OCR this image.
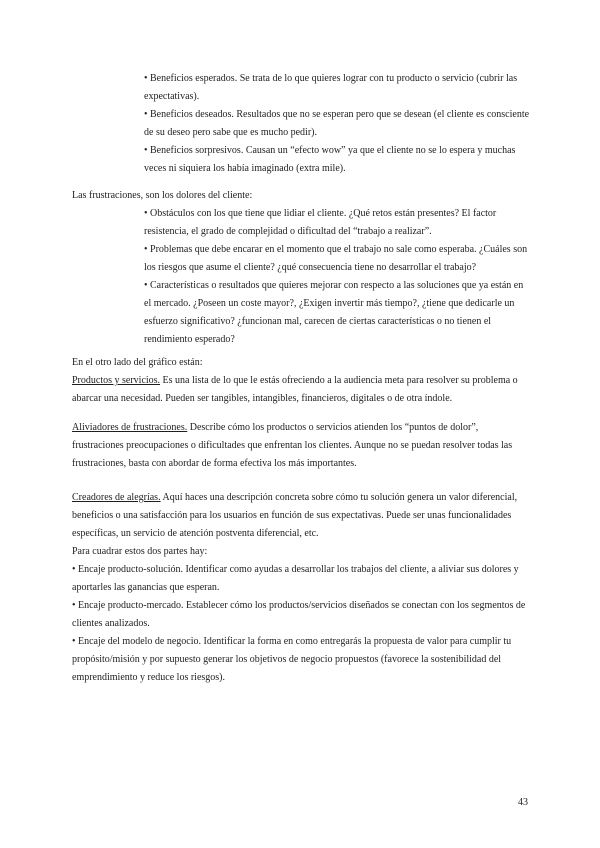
• Beneficios esperados. Se trata de lo que quieres lograr con tu producto o servicio (cubrir las expectativas).

• Beneficios deseados. Resultados que no se esperan pero que se desean (el cliente es consciente de su deseo pero sabe que es mucho pedir).

• Beneficios sorpresivos. Causan un “efecto wow” ya que el cliente no se lo espera y muchas veces ni siquiera los había imaginado (extra mile).

Las frustraciones, son los dolores del cliente:

• Obstáculos con los que tiene que lidiar el cliente. ¿Qué retos están presentes? El factor resistencia, el grado de complejidad o dificultad del “trabajo a realizar”.

• Problemas que debe encarar en el momento que el trabajo no sale como esperaba. ¿Cuáles son los riesgos que asume el cliente? ¿qué consecuencia tiene no desarrollar el trabajo?

• Características o resultados que quieres mejorar con respecto a las soluciones que ya están en el mercado. ¿Poseen un coste mayor?, ¿Exigen invertir más tiempo?, ¿tiene que dedicarle un esfuerzo significativo? ¿funcionan mal, carecen de ciertas características o no tienen el rendimiento esperado?

En el otro lado del gráfico están:

Productos y servicios. Es una lista de lo que le estás ofreciendo a la audiencia meta para resolver su problema o abarcar una necesidad. Pueden ser tangibles, intangibles, financieros, digitales o de otra índole.

Aliviadores de frustraciones. Describe cómo los productos o servicios atienden los “puntos de dolor”, frustraciones preocupaciones o dificultades que enfrentan los clientes. Aunque no se puedan resolver todas las frustraciones, basta con abordar de forma efectiva los más importantes.

Creadores de alegrías. Aquí haces una descripción concreta sobre cómo tu solución genera un valor diferencial, beneficios o una satisfacción para los usuarios en función de sus expectativas. Puede ser unas funcionalidades específicas, un servicio de atención postventa diferencial, etc.

Para cuadrar estos dos partes hay:

• Encaje producto-solución. Identificar como ayudas a desarrollar los trabajos del cliente, a aliviar sus dolores y aportarles las ganancias que esperan.

• Encaje producto-mercado. Establecer cómo los productos/servicios diseñados se conectan con los segmentos de clientes analizados.

• Encaje del modelo de negocio. Identificar la forma en como entregarás la propuesta de valor para cumplir tu propósito/misión y por supuesto generar los objetivos de negocio propuestos (favorece la sostenibilidad del emprendimiento y reduce los riesgos).

43
